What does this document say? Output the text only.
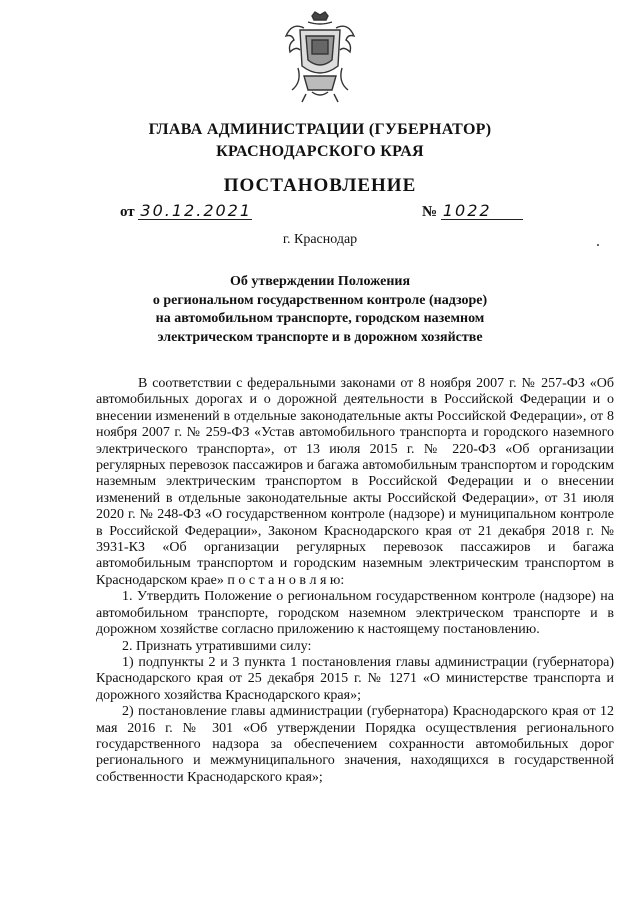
ГЛАВА АДМИНИСТРАЦИИ (ГУБЕРНАТОР)
КРАСНОДАРСКОГО КРАЯ
ПОСТАНОВЛЕНИЕ
от 30.12.2021	№ 1022
г. Краснодар
Об утверждении Положения
о региональном государственном контроле (надзоре)
на автомобильном транспорте, городском наземном
электрическом транспорте и в дорожном хозяйстве

В соответствии с федеральными законами от 8 ноября 2007 г. № 257-ФЗ «Об автомобильных дорогах и о дорожной деятельности в Российской Федерации и о внесении изменений в отдельные законодательные акты Российской Федерации», от 8 ноября 2007 г. № 259-ФЗ «Устав автомобильного транспорта и городского наземного электрического транспорта», от 13 июля 2015 г. № 220-ФЗ «Об организации регулярных перевозок пассажиров и багажа автомобильным транспортом и городским наземным электрическим транспортом в Российской Федерации и о внесении изменений в отдельные законодательные акты Российской Федерации», от 31 июля 2020 г. № 248-ФЗ «О государственном контроле (надзоре) и муниципальном контроле в Российской Федерации», Законом Краснодарского края от 21 декабря 2018 г. № 3931-КЗ «Об организации регулярных перевозок пассажиров и багажа автомобильным транспортом и городским наземным электрическим транспортом в Краснодарском крае» п о с т а н о в л я ю:

1. Утвердить Положение о региональном государственном контроле (надзоре) на автомобильном транспорте, городском наземном электрическом транспорте и в дорожном хозяйстве согласно приложению к настоящему постановлению.

2. Признать утратившими силу:

1) подпункты 2 и 3 пункта 1 постановления главы администрации (губернатора) Краснодарского края от 25 декабря 2015 г. № 1271 «О министерстве транспорта и дорожного хозяйства Краснодарского края»;

2) постановление главы администрации (губернатора) Краснодарского края от 12 мая 2016 г. № 301 «Об утверждении Порядка осуществления регионального государственного надзора за обеспечением сохранности автомобильных дорог регионального и межмуниципального значения, находящихся в государственной собственности Краснодарского края»;
